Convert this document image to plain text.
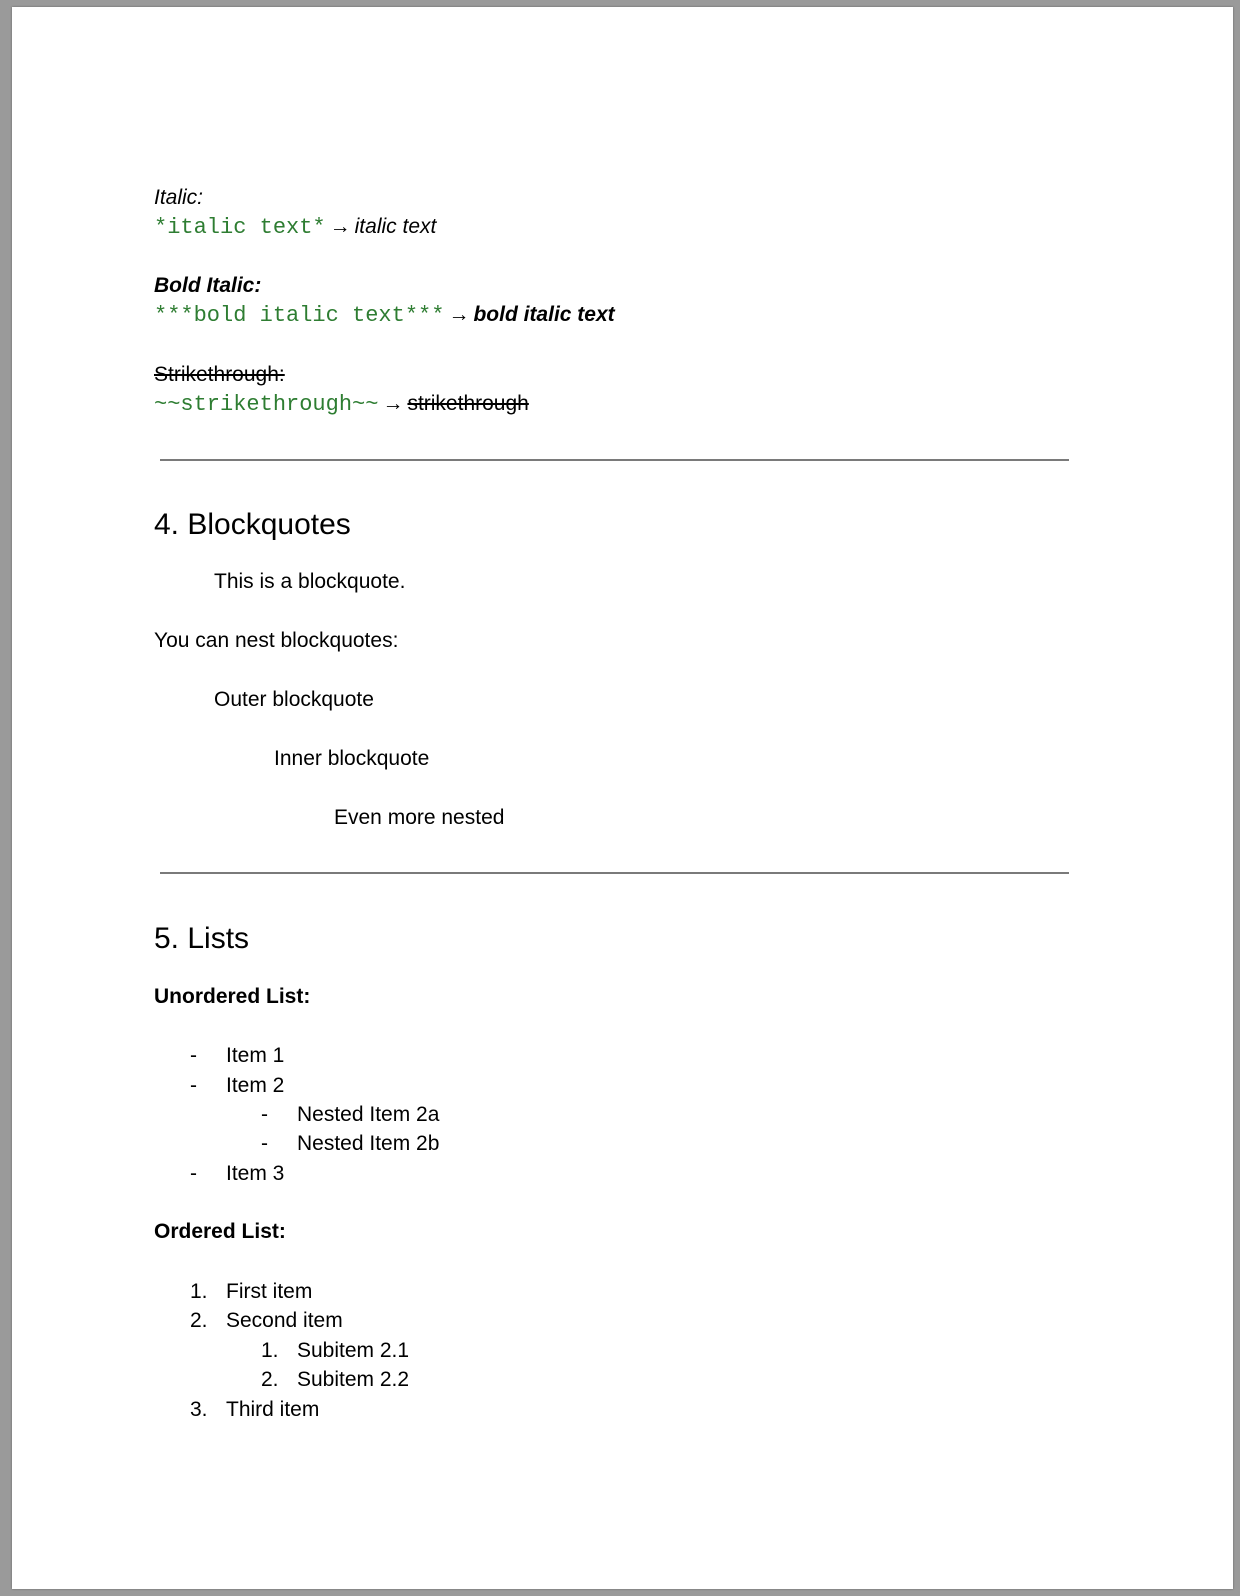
Italic:
*italic text* → italic text
Bold Italic:
***bold italic text*** → bold italic text
Strikethrough:
~~strikethrough~~ → strikethrough
4. Blockquotes
This is a blockquote.
You can nest blockquotes:
Outer blockquote
Inner blockquote
Even more nested
5. Lists
Unordered List:
- Item 1
- Item 2
- Nested Item 2a
- Nested Item 2b
- Item 3
Ordered List:
1. First item
2. Second item
1. Subitem 2.1
2. Subitem 2.2
3. Third item
